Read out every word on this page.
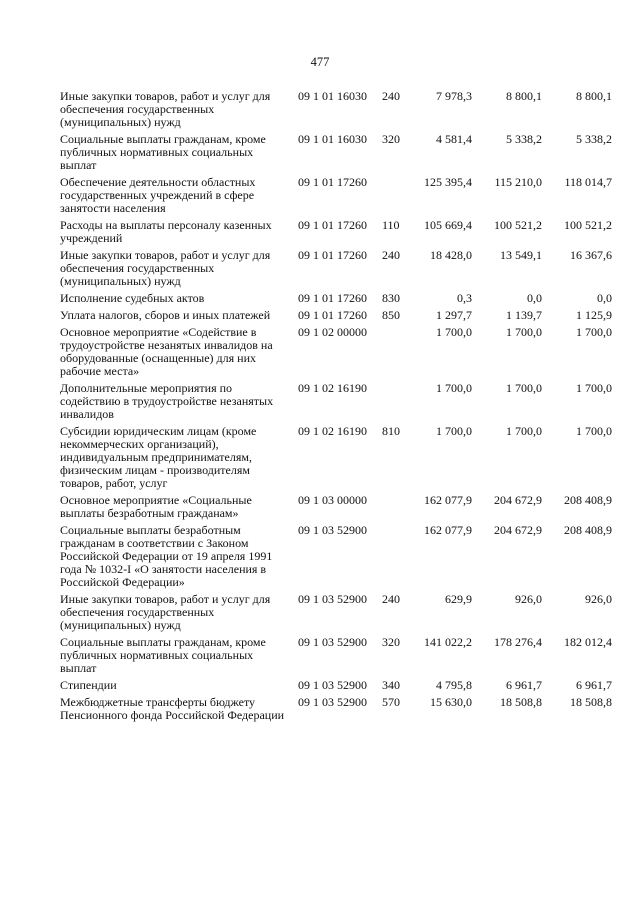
477
Иные закупки товаров, работ и услуг для обеспечения государственных (муниципальных) нужд
09 1 01 16030 240	7 978,3	8 800,1	8 800,1
Социальные выплаты гражданам, кроме публичных нормативных социальных выплат
09 1 01 16030 320	4 581,4	5 338,2	5 338,2
Обеспечение деятельности областных государственных учреждений в сфере занятости населения
09 1 01 17260	125 395,4	115 210,0	118 014,7
Расходы на выплаты персоналу казенных учреждений
09 1 01 17260 110	105 669,4	100 521,2	100 521,2
Иные закупки товаров, работ и услуг для обеспечения государственных (муниципальных) нужд
09 1 01 17260 240	18 428,0	13 549,1	16 367,6
Исполнение судебных актов	09 1 01 17260 830	0,3	0,0	0,0
Уплата налогов, сборов и иных платежей	09 1 01 17260 850	1 297,7	1 139,7	1 125,9
Основное мероприятие «Содействие в трудоустройстве незанятых инвалидов на оборудованные (оснащенные) для них рабочие места»
09 1 02 00000	1 700,0	1 700,0	1 700,0
Дополнительные мероприятия по содействию в трудоустройстве незанятых инвалидов
09 1 02 16190	1 700,0	1 700,0	1 700,0
Субсидии юридическим лицам (кроме некоммерческих организаций), индивидуальным предпринимателям, физическим лицам - производителям товаров, работ, услуг
09 1 02 16190 810	1 700,0	1 700,0	1 700,0
Основное мероприятие «Социальные выплаты безработным гражданам»
09 1 03 00000	162 077,9	204 672,9	208 408,9
Социальные выплаты безработным гражданам в соответствии с Законом Российской Федерации от 19 апреля 1991 года № 1032-I «О занятости населения в Российской Федерации»
09 1 03 52900	162 077,9	204 672,9	208 408,9
Иные закупки товаров, работ и услуг для обеспечения государственных (муниципальных) нужд
09 1 03 52900 240	629,9	926,0	926,0
Социальные выплаты гражданам, кроме публичных нормативных социальных выплат
09 1 03 52900 320	141 022,2	178 276,4	182 012,4
Стипендии	09 1 03 52900 340	4 795,8	6 961,7	6 961,7
Межбюджетные трансферты бюджету Пенсионного фонда Российской Федерации
09 1 03 52900 570	15 630,0	18 508,8	18 508,8
